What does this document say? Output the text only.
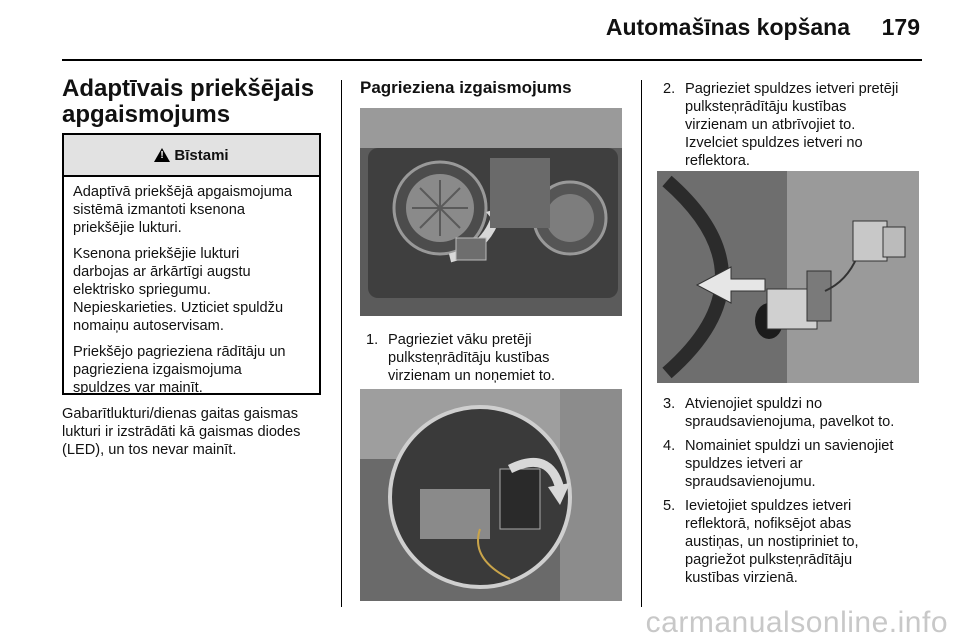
Automašīnas kopšana 179
Adaptīvais priekšējais
apgaismojums
!
Bīstami

Adaptīvā priekšējā apgaismojuma
sistēmā izmantoti ksenona
priekšējie lukturi.

Ksenona priekšējie lukturi
darbojas ar ārkārtīgi augstu
elektrisko spriegumu.
Nepieskarieties. Uzticiet spuldžu
nomaiņu autoservisam.

Priekšējo pagrieziena rādītāju un
pagrieziena izgaismojuma
spuldzes var mainīt.

Gabarītlukturi/dienas gaitas gaismas
lukturi ir izstrādāti kā gaismas diodes
(LED), un tos nevar mainīt.
Pagrieziena izgaismojums
1. Pagrieziet vāku pretēji
pulksteņrādītāju kustības
virzienam un noņemiet to.
2. Pagrieziet spuldzes ietveri pretēji
pulksteņrādītāju kustības
virzienam un atbrīvojiet to.
Izvelciet spuldzes ietveri no
reflektora.
3. Atvienojiet spuldzi no
spraudsavienojuma, pavelkot to.
4. Nomainiet spuldzi un savienojiet
spuldzes ietveri ar
spraudsavienojumu.
5. Ievietojiet spuldzes ietveri
reflektorā, nofiksējot abas
austiņas, un nostipriniet to,
pagriežot pulksteņrādītāju
kustības virzienā.
carmanualsonline.info
